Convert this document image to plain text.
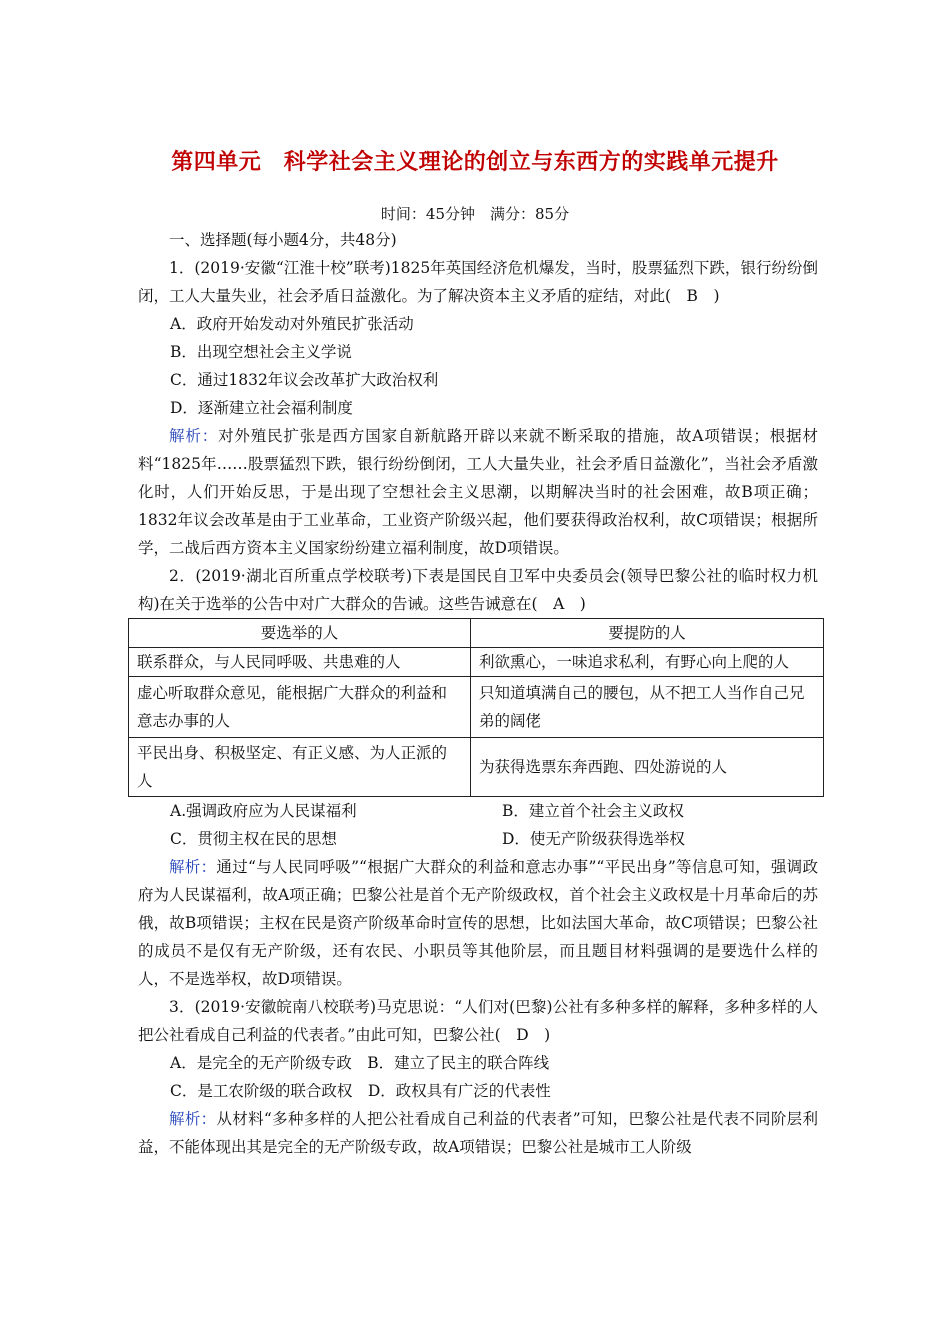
第四单元　科学社会主义理论的创立与东西方的实践单元提升
时间：45分钟　满分：85分

一、选择题(每小题4分，共48分)

1．(2019·安徽“江淮十校”联考)1825年英国经济危机爆发，当时，股票猛烈下跌，银行纷纷倒闭，工人大量失业，社会矛盾日益激化。为了解决资本主义矛盾的症结，对此(　B　)

A．政府开始发动对外殖民扩张活动

B．出现空想社会主义学说

C．通过1832年议会改革扩大政治权利

D．逐渐建立社会福利制度

解析：对外殖民扩张是西方国家自新航路开辟以来就不断采取的措施，故A项错误；根据材料“1825年……股票猛烈下跌，银行纷纷倒闭，工人大量失业，社会矛盾日益激化”，当社会矛盾激化时，人们开始反思，于是出现了空想社会主义思潮，以期解决当时的社会困难，故B项正确；1832年议会改革是由于工业革命，工业资产阶级兴起，他们要获得政治权利，故C项错误；根据所学，二战后西方资本主义国家纷纷建立福利制度，故D项错误。

2．(2019·湖北百所重点学校联考)下表是国民自卫军中央委员会(领导巴黎公社的临时权力机构)在关于选举的公告中对广大群众的告诫。这些告诫意在(　A　)

要选举的人	要提防的人
联系群众，与人民同呼吸、共患难的人	利欲熏心，一味追求私利，有野心向上爬的人
虚心听取群众意见，能根据广大群众的利益和意志办事的人	只知道填满自己的腰包，从不把工人当作自己兄弟的阔佬
平民出身、积极坚定、有正义感、为人正派的人	为获得选票东奔西跑、四处游说的人
A.强调政府应为人民谋福利	B．建立首个社会主义政权
C．贯彻主权在民的思想	D．使无产阶级获得选举权

解析：通过“与人民同呼吸”“根据广大群众的利益和意志办事”“平民出身”等信息可知，强调政府为人民谋福利，故A项正确；巴黎公社是首个无产阶级政权，首个社会主义政权是十月革命后的苏俄，故B项错误；主权在民是资产阶级革命时宣传的思想，比如法国大革命，故C项错误；巴黎公社的成员不是仅有无产阶级，还有农民、小职员等其他阶层，而且题目材料强调的是要选什么样的人，不是选举权，故D项错误。

3．(2019·安徽皖南八校联考)马克思说：“人们对(巴黎)公社有多种多样的解释，多种多样的人把公社看成自己利益的代表者。”由此可知，巴黎公社(　D　)

A．是完全的无产阶级专政　B．建立了民主的联合阵线

C．是工农阶级的联合政权　D．政权具有广泛的代表性

解析：从材料“多种多样的人把公社看成自己利益的代表者”可知，巴黎公社是代表不同阶层利益，不能体现出其是完全的无产阶级专政，故A项错误；巴黎公社是城市工人阶级
